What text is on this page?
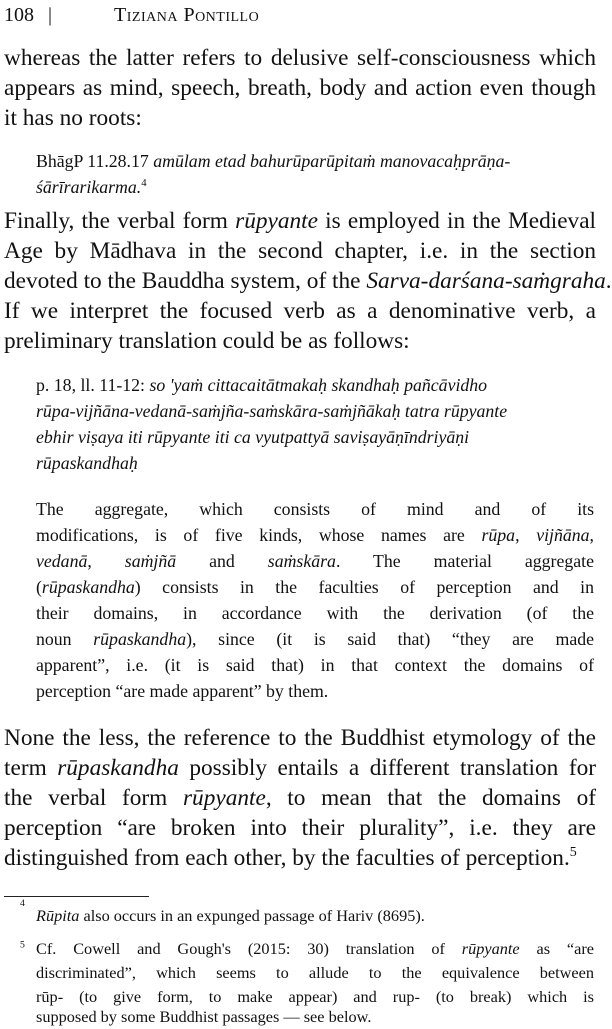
108 |	Tiziana Pontillo
whereas the latter refers to delusive self-consciousness which
appears as mind, speech, breath, body and action even though
it has no roots:
BhāgP 11.28.17 amūlam etad bahurūparūpitaṁ manovacaḥprāṇa-
śārīrarikarma.$^4$
Finally, the verbal form rūpyante is employed in the Medieval
Age by Mādhava in the second chapter, i.e. in the section
devoted to the Bauddha system, of the Sarva-darśana-saṁgraha.
If we interpret the focused verb as a denominative verb, a
preliminary translation could be as follows:
p. 18, ll. 11-12: so 'yaṁ cittacaitātmakaḥ skandhaḥ pañcāvidho
rūpa-vijñāna-vedanā-saṁjña-saṁskāra-saṁjñākaḥ tatra rūpyante
ebhir viṣaya iti rūpyante iti ca vyutpattyā saviṣayāṇīndriyāṇi
rūpaskandhaḥ
The aggregate, which consists of mind and of its
modifications, is of five kinds, whose names are rūpa, vijñāna,
vedanā, saṁjñā and saṁskāra. The material aggregate
(rūpaskandha) consists in the faculties of perception and in
their domains, in accordance with the derivation (of the
noun rūpaskandha), since (it is said that) “they are made
apparent”, i.e. (it is said that) in that context the domains of
perception “are made apparent” by them.
None the less, the reference to the Buddhist etymology of the
term rūpaskandha possibly entails a different translation for
the verbal form rūpyante, to mean that the domains of
perception “are broken into their plurality”, i.e. they are
distinguished from each other, by the faculties of perception.$^5$
4
Rūpita also occurs in an expunged passage of Hariv (8695).
$^5$ Cf. Cowell and Gough's (2015: 30) translation of rūpyante as “are
discriminated”, which seems to allude to the equivalence between
rūp- (to give form, to make appear) and rup- (to break) which is
supposed by some Buddhist passages — see below.
